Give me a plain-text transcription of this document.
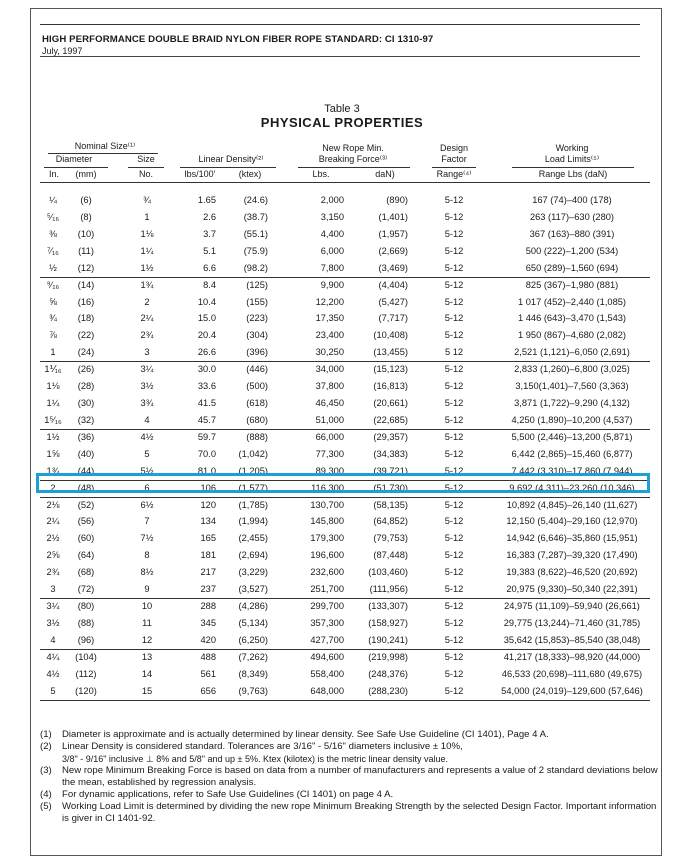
HIGH PERFORMANCE DOUBLE BRAID NYLON FIBER ROPE STANDARD: CI 1310-97
July, 1997
Table 3
PHYSICAL PROPERTIES
Nominal Size⁽¹⁾
Diameter	Size	Linear Density⁽²⁾
New Rope Min.
Breaking Force⁽³⁾
Design
Factor
Working
Load Limits⁽⁵⁾
In.	(mm)	No.	lbs/100'	(ktex)	Lbs.	daN)	Range⁽⁴⁾	Range Lbs (daN)
¼	(6)	¾	1.65	(24.6)	2,000	(890)	5-12	167 (74)–400 (178)
⁵⁄₁₆	(8)	1	2.6	(38.7)	3,150	(1,401)	5-12	263 (117)–630 (280)
⅜	(10)	1⅛	3.7	(55.1)	4,400	(1,957)	5-12	367 (163)–880 (391)
⁷⁄₁₆	(11)	1¼	5.1	(75.9)	6,000	(2,669)	5-12	500 (222)–1,200 (534)
½	(12)	1½	6.6	(98.2)	7,800	(3,469)	5-12	650 (289)–1,560 (694)
⁹⁄₁₆	(14)	1¾	8.4	(125)	9,900	(4,404)	5-12	825 (367)–1,980 (881)
⅝	(16)	2	10.4	(155)	12,200	(5,427)	5-12	1 017 (452)–2,440 (1,085)
¾	(18)	2¼	15.0	(223)	17,350	(7,717)	5-12	1 446 (643)–3,470 (1,543)
⅞	(22)	2¾	20.4	(304)	23,400	(10,408)	5-12	1 950 (867)–4,680 (2,082)
1	(24)	3	26.6	(396)	30,250	(13,455)	5 12	2,521 (1,121)–6,050 (2,691)
1⅟₁₆	(26)	3¼	30.0	(446)	34,000	(15,123)	5-12	2,833 (1,260)–6,800 (3,025)
1⅛	(28)	3½	33.6	(500)	37,800	(16,813)	5-12	3,150(1,401)–7,560 (3,363)
1¼	(30)	3¾	41.5	(618)	46,450	(20,661)	5-12	3,871 (1,722)–9,290 (4,132)
1⁵⁄₁₆	(32)	4	45.7	(680)	51,000	(22,685)	5-12	4,250 (1,890)–10,200 (4,537)
1½	(36)	4½	59.7	(888)	66,000	(29,357)	5-12	5,500 (2,446)–13,200 (5,871)
1⅝	(40)	5	70.0	(1,042)	77,300	(34,383)	5-12	6,442 (2,865)–15,460 (6,877)
1¾	(44)	5½	81.0	(1,205)	89,300	(39,721)	5-12	7,442 (3,310)–17,860 (7,944)
2	(48)	6	106	(1,577)	116,300	(51,730)	5-12	9,692 (4,311)–23,260 (10,346)
2⅛	(52)	6½	120	(1,785)	130,700	(58,135)	5-12	10,892 (4,845)–26,140 (11,627)
2¼	(56)	7	134	(1,994)	145,800	(64,852)	5-12	12,150 (5,404)–29,160 (12,970)
2½	(60)	7½	165	(2,455)	179,300	(79,753)	5-12	14,942 (6,646)–35,860 (15,951)
2⅝	(64)	8	181	(2,694)	196,600	(87,448)	5-12	16,383 (7,287)–39,320 (17,490)
2¾	(68)	8½	217	(3,229)	232,600	(103,460)	5-12	19,383 (8,622)–46,520 (20,692)
3	(72)	9	237	(3,527)	251,700	(111,956)	5-12	20,975 (9,330)–50,340 (22,391)
3¼	(80)	10	288	(4,286)	299,700	(133,307)	5-12	24,975 (11,109)–59,940 (26,661)
3½	(88)	11	345	(5,134)	357,300	(158,927)	5-12	29,775 (13,244)–71,460 (31,785)
4	(96)	12	420	(6,250)	427,700	(190,241)	5-12	35,642 (15,853)–85,540 (38,048)
4¼	(104)	13	488	(7,262)	494,600	(219,998)	5-12	41,217 (18,333)–98,920 (44,000)
4½	(112)	14	561	(8,349)	558,400	(248,376)	5-12	46,533 (20,698)–111,680 (49,675)
5	(120)	15	656	(9,763)	648,000	(288,230)	5-12	54,000 (24,019)–129,600 (57,646)
(1) Diameter is approximate and is actually determined by linear density. See Safe Use Guideline (CI 1401), Page 4 A.
(2) Linear Density is considered standard. Tolerances are 3/16" - 5/16" diameters inclusive ± 10%,
3/8" - 9/16" inclusive ⊥ 8% and 5/8" and up ± 5%. Ktex (kilotex) is the metric linear density value.
(3) New rope Minimum Breaking Force is based on data from a number of manufacturers and represents a value of 2 standard deviations below the mean, established by regression analysis.
(4) For dynamic applications, refer to Safe Use Guidelines (CI 1401) on page 4 A.
(5) Working Load Limit is determined by dividing the new rope Minimum Breaking Strength by the selected Design Factor. Important information is giver in CI 1401-92.
